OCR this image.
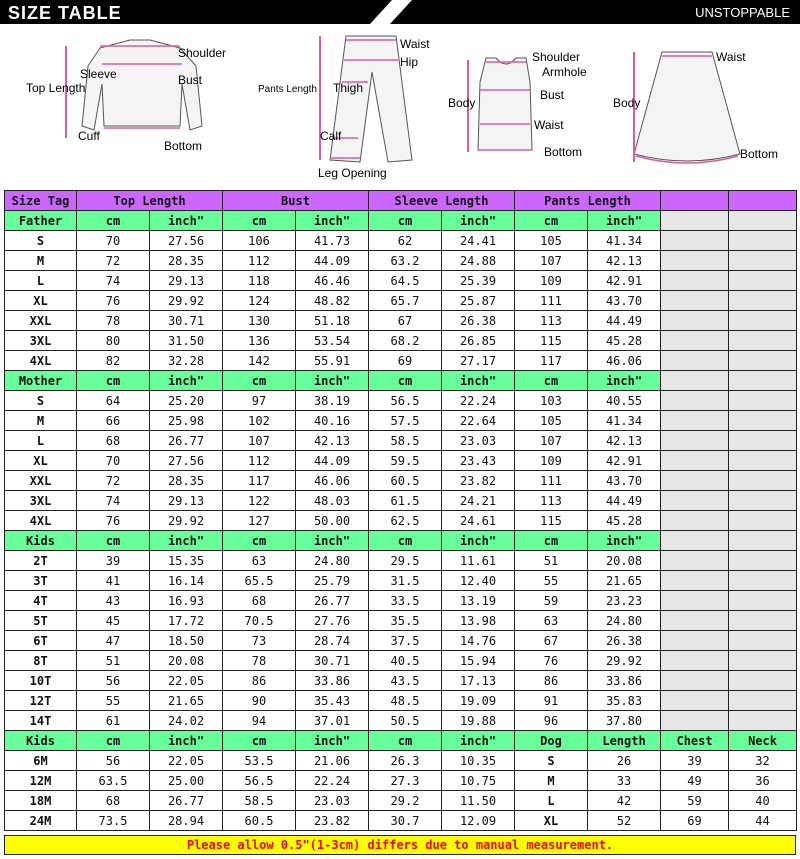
SIZE TABLE	UNSTOPPABLE
Shoulder
Sleeve	Bust
Top Length
Cuff
Bottom
Waist
Hip
Pants Length Thigh
Calf
Leg Opening
Shoulder
Armhole
Bust
Body
Waist
Bottom
Waist
Body
Bottom
Size Tag	Top Length		Bust		Sleeve Length		Pants Length			
Father	cm	inch"	cm	inch"	cm	inch"	cm	inch"		
S	70	27.56	106	41.73	62	24.41	105	41.34		
M	72	28.35	112	44.09	63.2	24.88	107	42.13		
L	74	29.13	118	46.46	64.5	25.39	109	42.91		
XL	76	29.92	124	48.82	65.7	25.87	111	43.70		
XXL	78	30.71	130	51.18	67	26.38	113	44.49		
3XL	80	31.50	136	53.54	68.2	26.85	115	45.28		
4XL	82	32.28	142	55.91	69	27.17	117	46.06		
Mother	cm	inch"	cm	inch"	cm	inch"	cm	inch"		
S	64	25.20	97	38.19	56.5	22.24	103	40.55		
M	66	25.98	102	40.16	57.5	22.64	105	41.34		
L	68	26.77	107	42.13	58.5	23.03	107	42.13		
XL	70	27.56	112	44.09	59.5	23.43	109	42.91		
XXL	72	28.35	117	46.06	60.5	23.82	111	43.70		
3XL	74	29.13	122	48.03	61.5	24.21	113	44.49		
4XL	76	29.92	127	50.00	62.5	24.61	115	45.28		
Kids	cm	inch"	cm	inch"	cm	inch"	cm	inch"		
2T	39	15.35	63	24.80	29.5	11.61	51	20.08		
3T	41	16.14	65.5	25.79	31.5	12.40	55	21.65		
4T	43	16.93	68	26.77	33.5	13.19	59	23.23		
5T	45	17.72	70.5	27.76	35.5	13.98	63	24.80		
6T	47	18.50	73	28.74	37.5	14.76	67	26.38		
8T	51	20.08	78	30.71	40.5	15.94	76	29.92		
10T	56	22.05	86	33.86	43.5	17.13	86	33.86		
12T	55	21.65	90	35.43	48.5	19.09	91	35.83		
14T	61	24.02	94	37.01	50.5	19.88	96	37.80		
Kids	cm	inch"	cm	inch"	cm	inch"	Dog	Length	Chest	Neck
6M	56	22.05	53.5	21.06	26.3	10.35	S	26	39	32
12M	63.5	25.00	56.5	22.24	27.3	10.75	M	33	49	36
18M	68	26.77	58.5	23.03	29.2	11.50	L	42	59	40
24M	73.5	28.94	60.5	23.82	30.7	12.09	XL	52	69	44
Please allow 0.5"(1-3cm) differs due to manual measurement.
